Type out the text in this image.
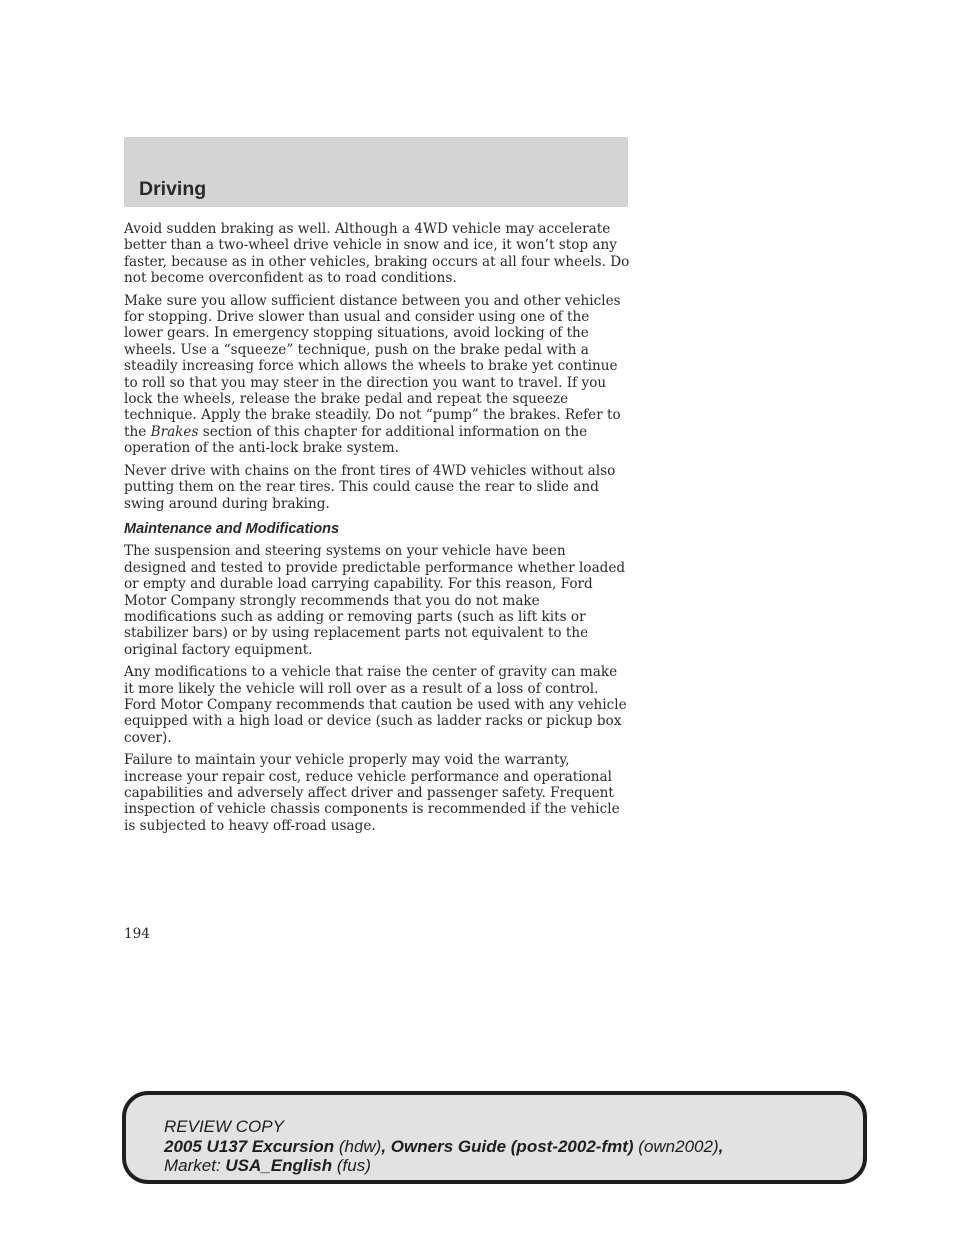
Driving

Avoid sudden braking as well. Although a 4WD vehicle may accelerate better than a two-wheel drive vehicle in snow and ice, it won’t stop any faster, because as in other vehicles, braking occurs at all four wheels. Do not become overconfident as to road conditions.

Make sure you allow sufficient distance between you and other vehicles for stopping. Drive slower than usual and consider using one of the lower gears. In emergency stopping situations, avoid locking of the wheels. Use a “squeeze” technique, push on the brake pedal with a steadily increasing force which allows the wheels to brake yet continue to roll so that you may steer in the direction you want to travel. If you lock the wheels, release the brake pedal and repeat the squeeze technique. Apply the brake steadily. Do not “pump” the brakes. Refer to the Brakes section of this chapter for additional information on the operation of the anti-lock brake system.

Never drive with chains on the front tires of 4WD vehicles without also putting them on the rear tires. This could cause the rear to slide and swing around during braking.

Maintenance and Modifications

The suspension and steering systems on your vehicle have been designed and tested to provide predictable performance whether loaded or empty and durable load carrying capability. For this reason, Ford Motor Company strongly recommends that you do not make modifications such as adding or removing parts (such as lift kits or stabilizer bars) or by using replacement parts not equivalent to the original factory equipment.

Any modifications to a vehicle that raise the center of gravity can make it more likely the vehicle will roll over as a result of a loss of control. Ford Motor Company recommends that caution be used with any vehicle equipped with a high load or device (such as ladder racks or pickup box cover).

Failure to maintain your vehicle properly may void the warranty, increase your repair cost, reduce vehicle performance and operational capabilities and adversely affect driver and passenger safety. Frequent inspection of vehicle chassis components is recommended if the vehicle is subjected to heavy off-road usage.

194
REVIEW COPY
2005 U137 Excursion (hdw), Owners Guide (post-2002-fmt) (own2002),
Market: USA_English (fus)
